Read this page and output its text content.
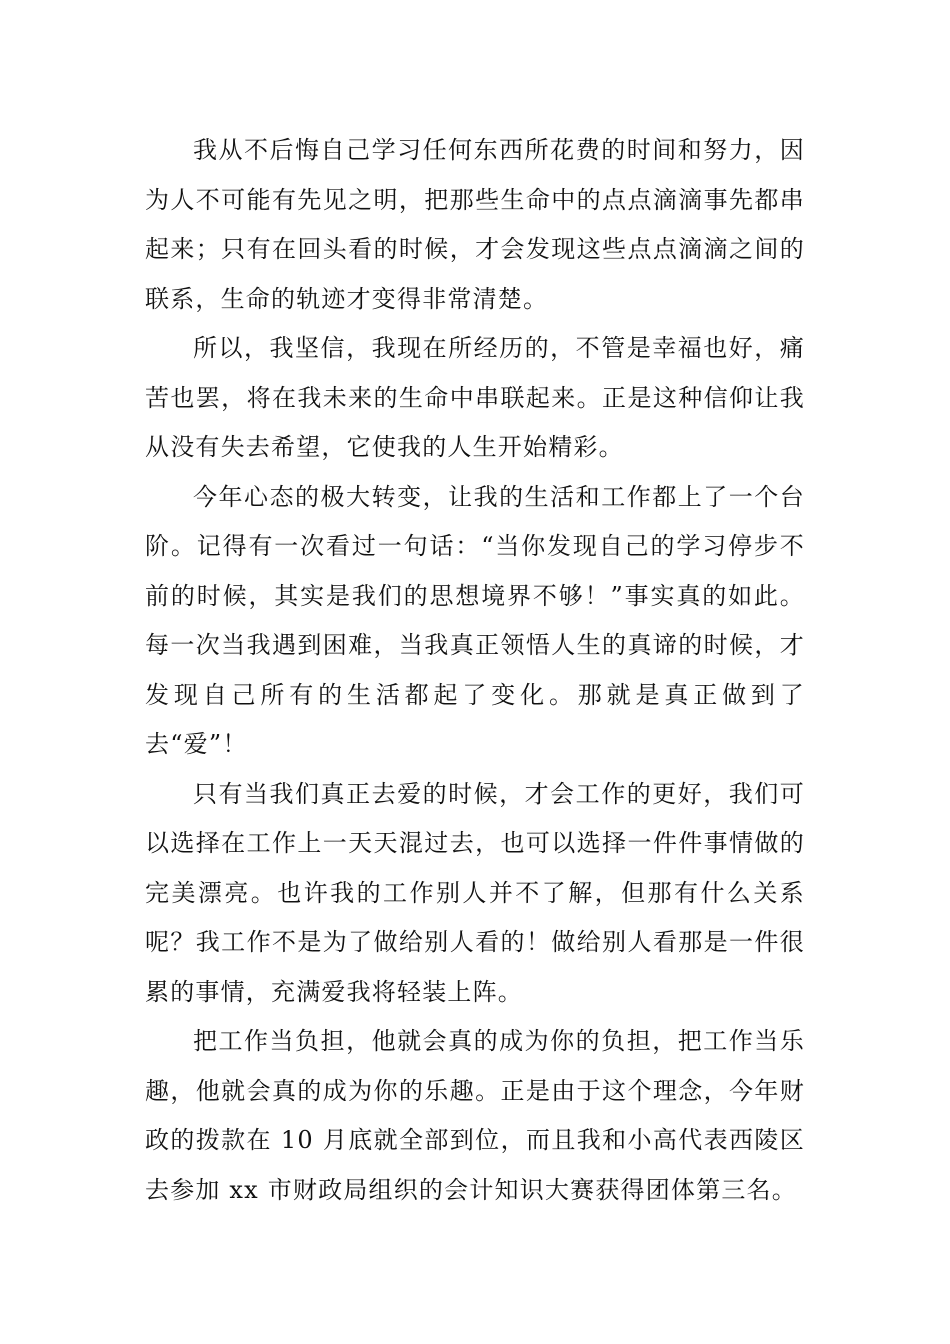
我从不后悔自己学习任何东西所花费的时间和努力，因为人不可能有先见之明，把那些生命中的点点滴滴事先都串起来；只有在回头看的时候，才会发现这些点点滴滴之间的联系，生命的轨迹才变得非常清楚。

所以，我坚信，我现在所经历的，不管是幸福也好，痛苦也罢，将在我未来的生命中串联起来。正是这种信仰让我从没有失去希望，它使我的人生开始精彩。

今年心态的极大转变，让我的生活和工作都上了一个台阶。记得有一次看过一句话：“当你发现自己的学习停步不前的时候，其实是我们的思想境界不够！”事实真的如此。每一次当我遇到困难，当我真正领悟人生的真谛的时候，才发现自己所有的生活都起了变化。那就是真正做到了去“爱”！

只有当我们真正去爱的时候，才会工作的更好，我们可以选择在工作上一天天混过去，也可以选择一件件事情做的完美漂亮。也许我的工作别人并不了解，但那有什么关系呢？我工作不是为了做给别人看的！做给别人看那是一件很累的事情，充满爱我将轻装上阵。

把工作当负担，他就会真的成为你的负担，把工作当乐趣，他就会真的成为你的乐趣。正是由于这个理念，今年财政的拨款在 10 月底就全部到位，而且我和小高代表西陵区去参加 xx 市财政局组织的会计知识大赛获得团体第三名。
